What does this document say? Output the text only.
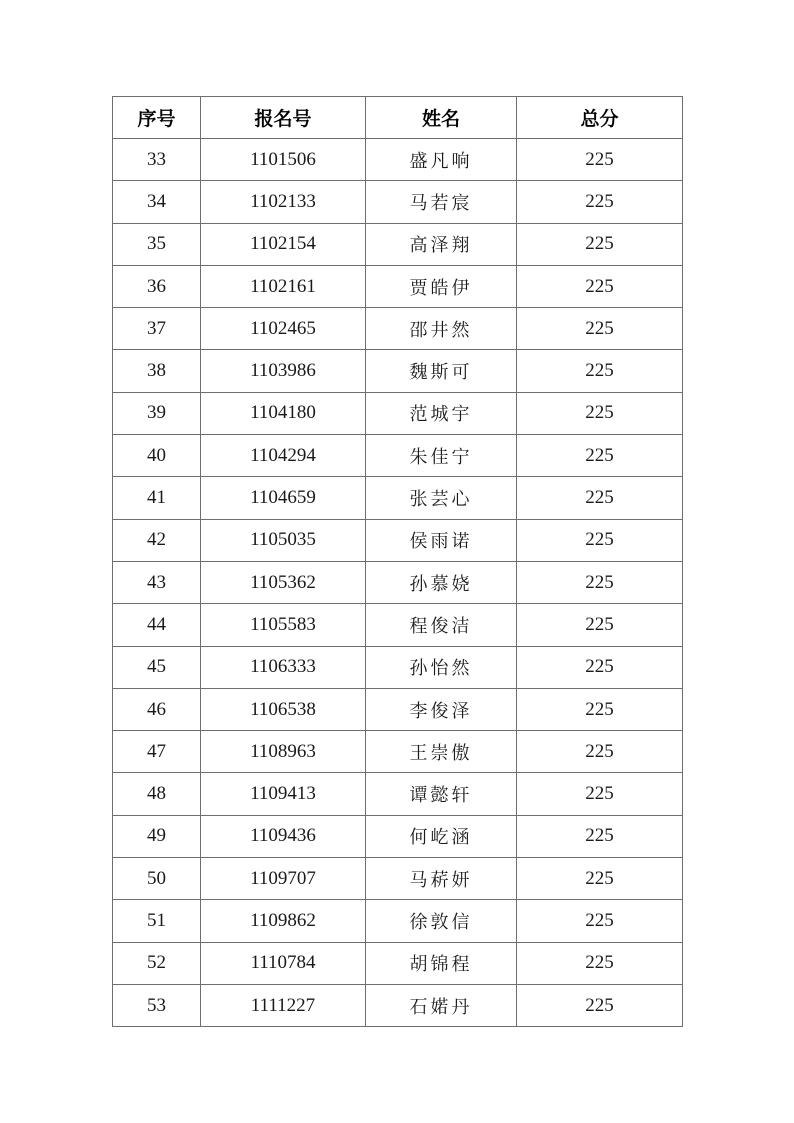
序号	报名号	姓名	总分
33	1101506	盛凡响	225
34	1102133	马若宸	225
35	1102154	高泽翔	225
36	1102161	贾皓伊	225
37	1102465	邵井然	225
38	1103986	魏斯可	225
39	1104180	范城宇	225
40	1104294	朱佳宁	225
41	1104659	张芸心	225
42	1105035	侯雨诺	225
43	1105362	孙慕娆	225
44	1105583	程俊洁	225
45	1106333	孙怡然	225
46	1106538	李俊泽	225
47	1108963	王崇傲	225
48	1109413	谭懿轩	225
49	1109436	何屹涵	225
50	1109707	马菥妍	225
51	1109862	徐敦信	225
52	1110784	胡锦程	225
53	1111227	石婼丹	225
